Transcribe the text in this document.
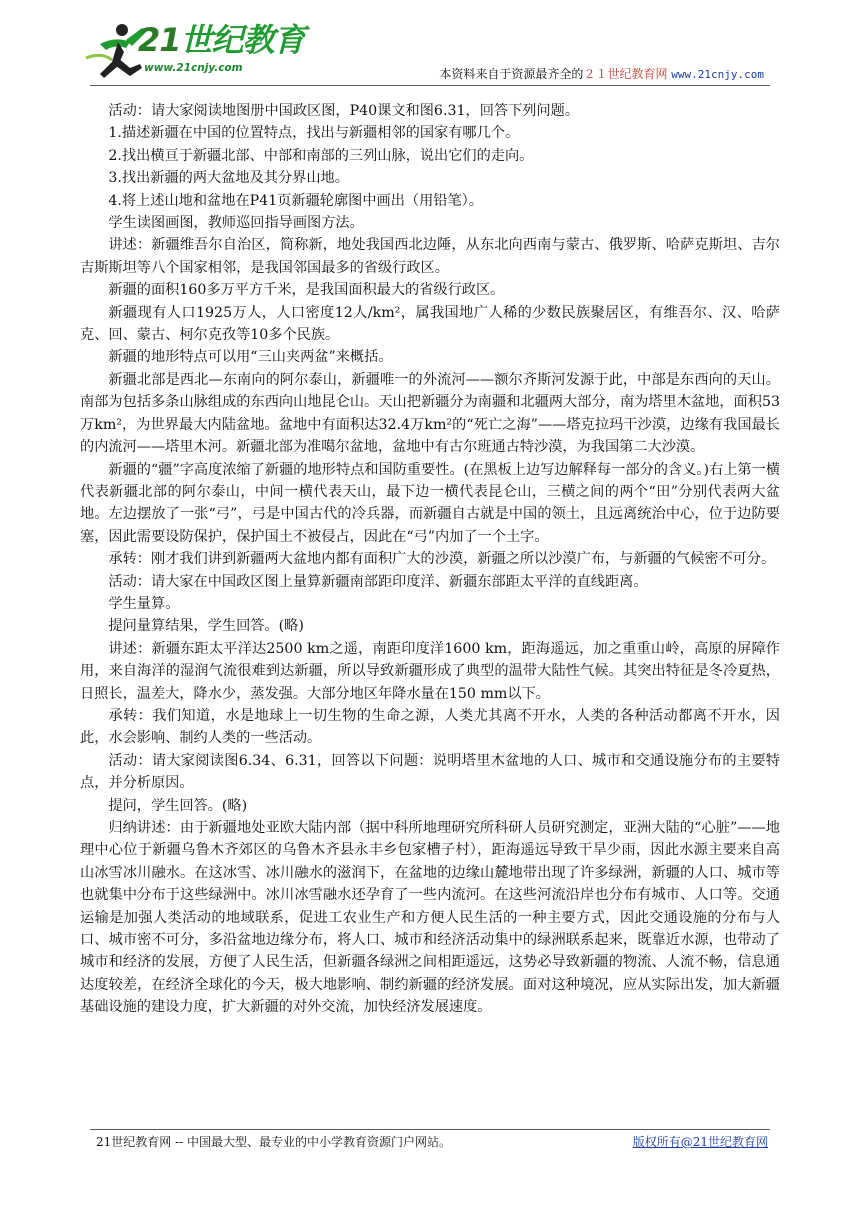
21世纪教育
www.21cnjy.com	本资料来自于资源最齐全的２１世纪教育网 www.21cnjy.com

活动：请大家阅读地图册中国政区图，P40课文和图6.31，回答下列问题。

1.描述新疆在中国的位置特点，找出与新疆相邻的国家有哪几个。

2.找出横亘于新疆北部、中部和南部的三列山脉，说出它们的走向。

3.找出新疆的两大盆地及其分界山地。

4.将上述山地和盆地在P41页新疆轮廓图中画出（用铅笔）。

学生读图画图，教师巡回指导画图方法。

讲述：新疆维吾尔自治区，简称新，地处我国西北边陲，从东北向西南与蒙古、俄罗斯、哈萨克斯坦、吉尔吉斯斯坦等八个国家相邻，是我国邻国最多的省级行政区。

新疆的面积160多万平方千米，是我国面积最大的省级行政区。

新疆现有人口1925万人，人口密度12人/km²，属我国地广人稀的少数民族聚居区，有维吾尔、汉、哈萨克、回、蒙古、柯尔克孜等10多个民族。

新疆的地形特点可以用“三山夹两盆”来概括。

新疆北部是西北—东南向的阿尔泰山，新疆唯一的外流河——额尔齐斯河发源于此，中部是东西向的天山。南部为包括多条山脉组成的东西向山地昆仑山。天山把新疆分为南疆和北疆两大部分，南为塔里木盆地，面积53万km²，为世界最大内陆盆地。盆地中有面积达32.4万km²的“死亡之海”——塔克拉玛干沙漠，边缘有我国最长的内流河——塔里木河。新疆北部为准噶尔盆地，盆地中有古尔班通古特沙漠，为我国第二大沙漠。

新疆的“疆”字高度浓缩了新疆的地形特点和国防重要性。(在黑板上边写边解释每一部分的含义。)右上第一横代表新疆北部的阿尔泰山，中间一横代表天山，最下边一横代表昆仑山，三横之间的两个“田”分别代表两大盆地。左边摆放了一张“弓”，弓是中国古代的冷兵器，而新疆自古就是中国的领土，且远离统治中心，位于边防要塞，因此需要设防保护，保护国土不被侵占，因此在“弓”内加了一个土字。

承转：刚才我们讲到新疆两大盆地内都有面积广大的沙漠，新疆之所以沙漠广布，与新疆的气候密不可分。

活动：请大家在中国政区图上量算新疆南部距印度洋、新疆东部距太平洋的直线距离。

学生量算。

提问量算结果，学生回答。(略)

讲述：新疆东距太平洋达2500 km之遥，南距印度洋1600 km，距海遥远，加之重重山岭，高原的屏障作用，来自海洋的湿润气流很难到达新疆，所以导致新疆形成了典型的温带大陆性气候。其突出特征是冬冷夏热，日照长，温差大，降水少，蒸发强。大部分地区年降水量在150 mm以下。

承转：我们知道，水是地球上一切生物的生命之源，人类尤其离不开水，人类的各种活动都离不开水，因此，水会影响、制约人类的一些活动。

活动：请大家阅读图6.34、6.31，回答以下问题：说明塔里木盆地的人口、城市和交通设施分布的主要特点，并分析原因。

提问，学生回答。(略)

归纳讲述：由于新疆地处亚欧大陆内部（据中科所地理研究所科研人员研究测定，亚洲大陆的“心脏”——地理中心位于新疆乌鲁木齐郊区的乌鲁木齐县永丰乡包家槽子村），距海遥远导致干旱少雨，因此水源主要来自高山冰雪冰川融水。在这冰雪、冰川融水的滋润下，在盆地的边缘山麓地带出现了许多绿洲，新疆的人口、城市等也就集中分布于这些绿洲中。冰川冰雪融水还孕育了一些内流河。在这些河流沿岸也分布有城市、人口等。交通运输是加强人类活动的地域联系，促进工农业生产和方便人民生活的一种主要方式，因此交通设施的分布与人口、城市密不可分，多沿盆地边缘分布，将人口、城市和经济活动集中的绿洲联系起来，既靠近水源，也带动了城市和经济的发展，方便了人民生活，但新疆各绿洲之间相距遥远，这势必导致新疆的物流、人流不畅，信息通达度较差，在经济全球化的今天，极大地影响、制约新疆的经济发展。面对这种境况，应从实际出发，加大新疆基础设施的建设力度，扩大新疆的对外交流，加快经济发展速度。

21世纪教育网 -- 中国最大型、最专业的中小学教育资源门户网站。	版权所有@21世纪教育网
